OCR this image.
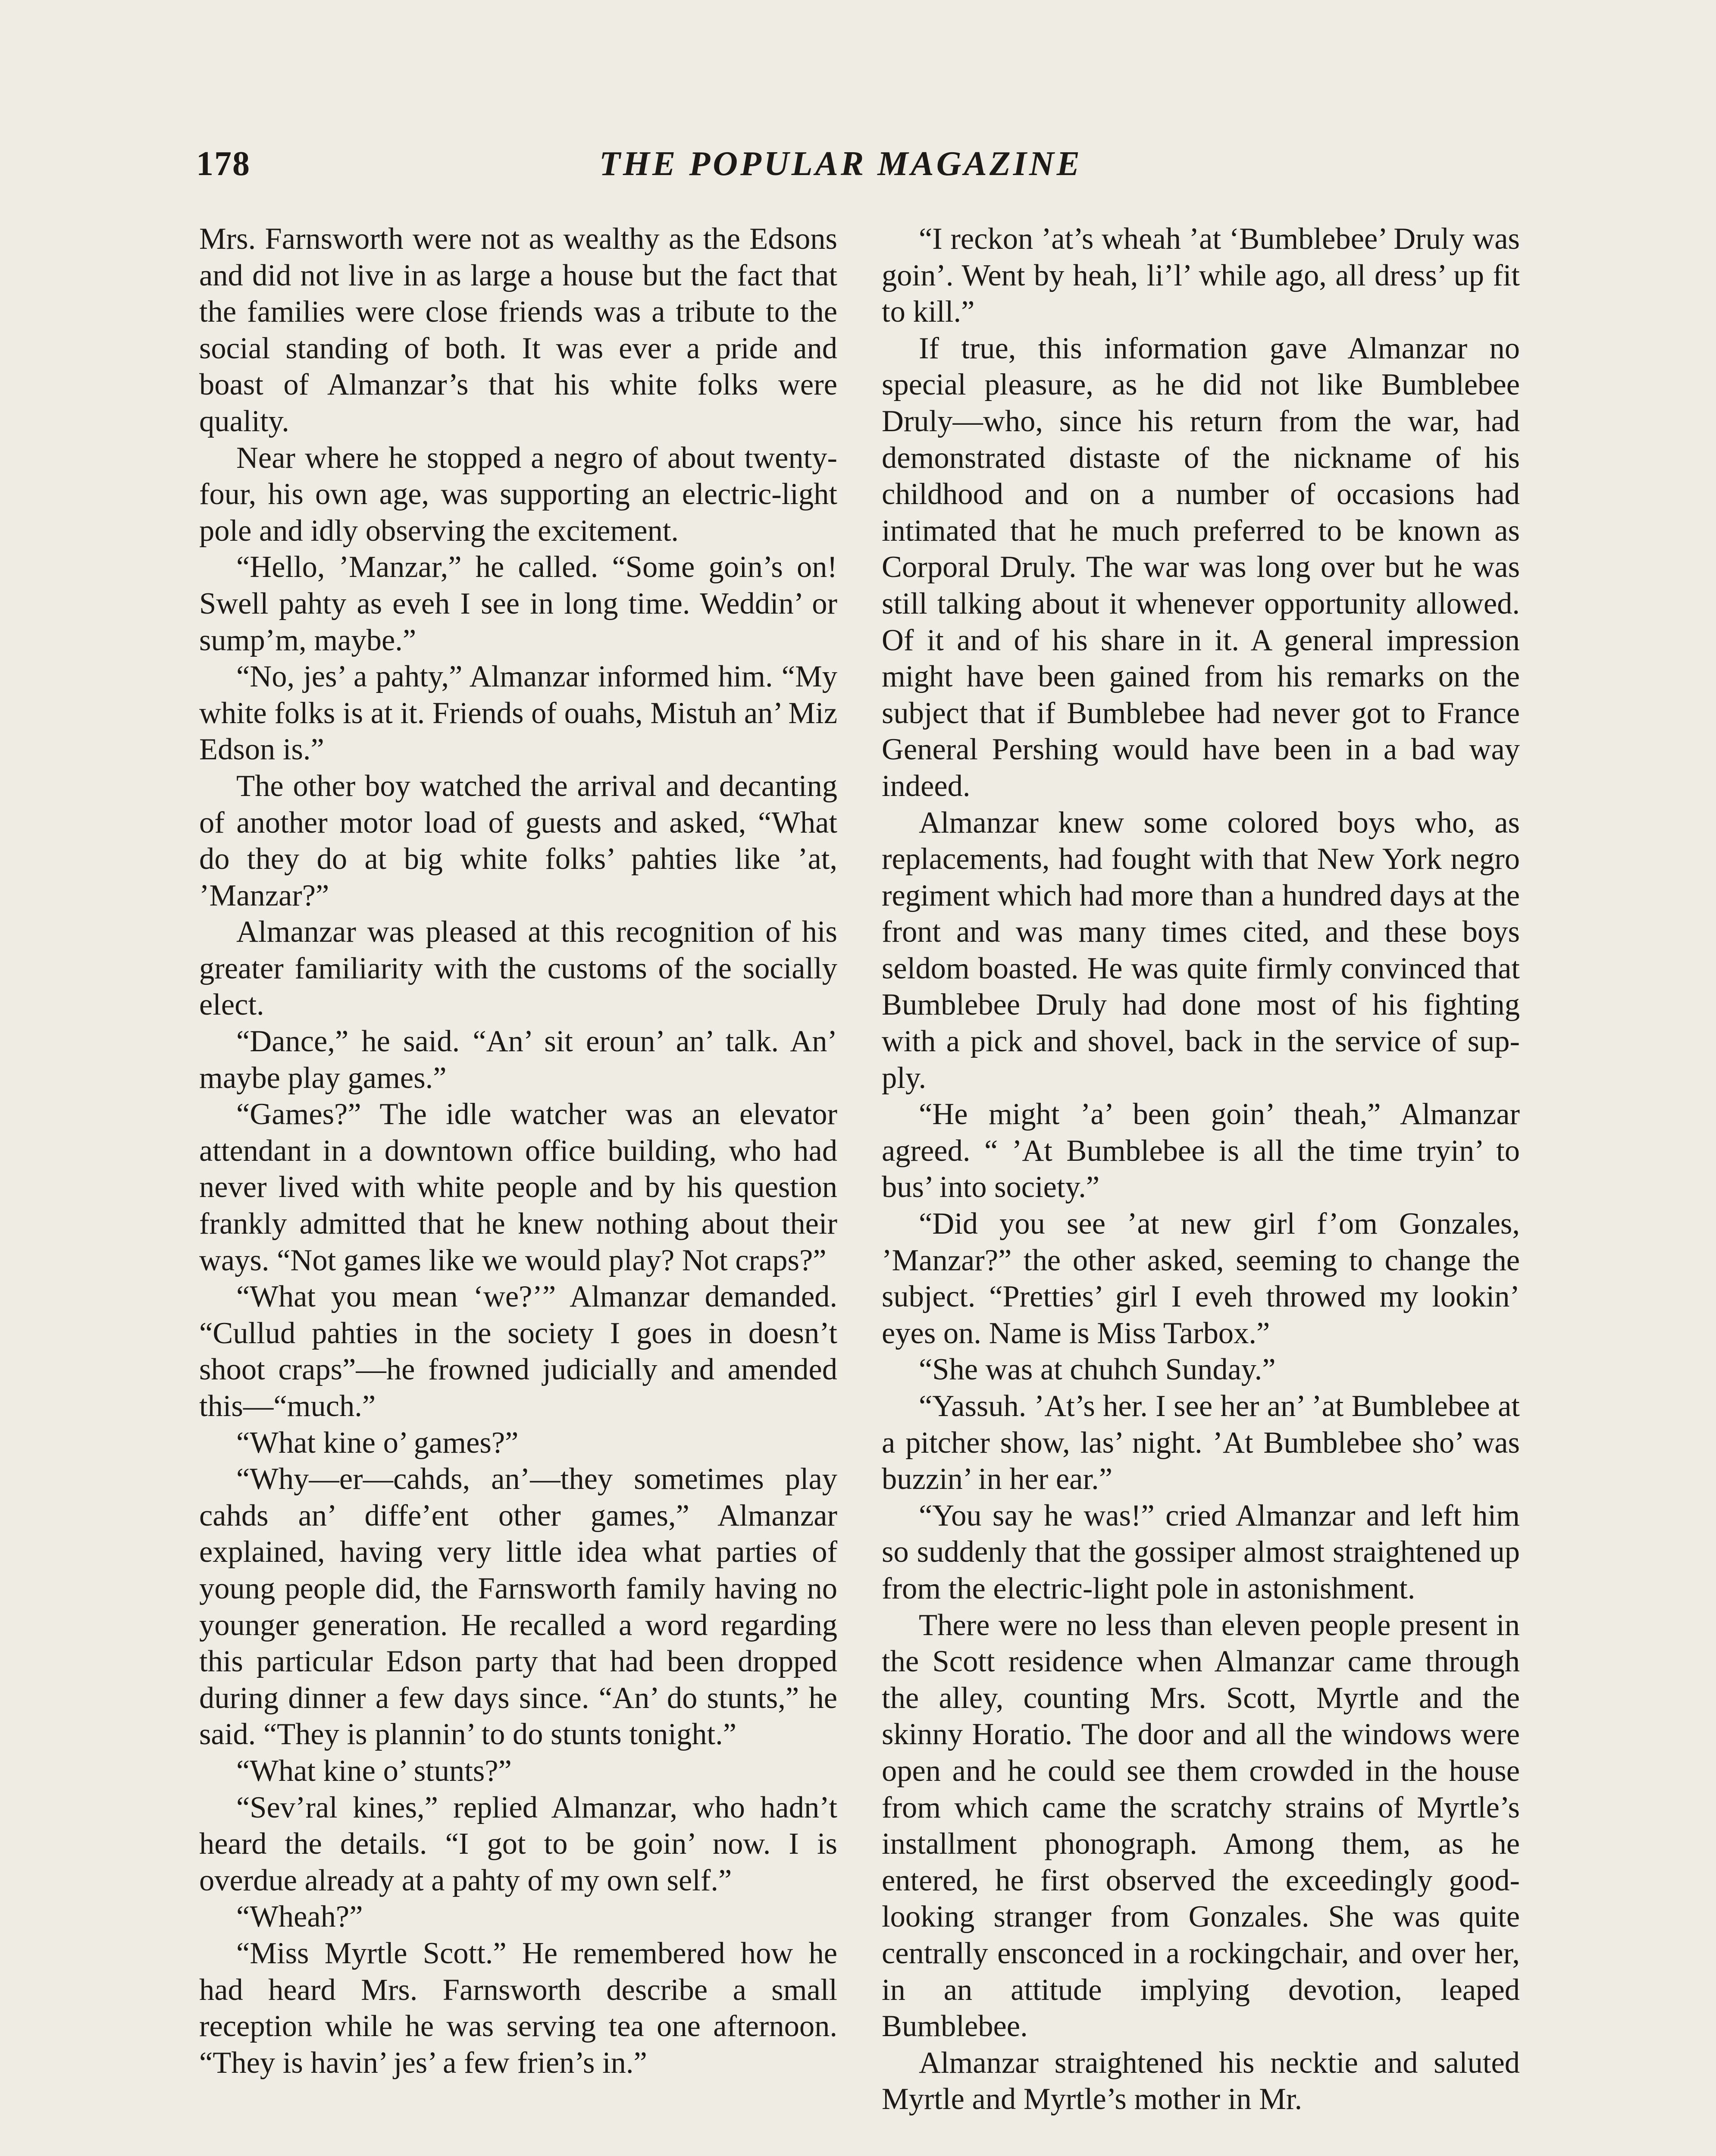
178	THE POPULAR MAGAZINE

Mrs. Farnsworth were not as wealthy as the Edsons and did not live in as large a house but the fact that the families were close friends was a tribute to the social standing of both. It was ever a pride and boast of Almanzar’s that his white folks were quality.

Near where he stopped a negro of about twenty-four, his own age, was supporting an electric-light pole and idly observing the excitement.

“Hello, ’Manzar,” he called. “Some goin’s on! Swell pahty as eveh I see in long time. Weddin’ or sump’m, maybe.”

“No, jes’ a pahty,” Almanzar informed him. “My white folks is at it. Friends of ouahs, Mistuh an’ Miz Edson is.”

The other boy watched the arrival and decanting of another motor load of guests and asked, “What do they do at big white folks’ pahties like ’at, ’Manzar?”

Almanzar was pleased at this recognition of his greater familiarity with the customs of the socially elect.

“Dance,” he said. “An’ sit eroun’ an’ talk. An’ maybe play games.”

“Games?” The idle watcher was an elevator attendant in a downtown office building, who had never lived with white people and by his question frankly admitted that he knew nothing about their ways. “Not games like we would play? Not craps?”

“What you mean ‘we?’” Almanzar demanded. “Cullud pahties in the society I goes in doesn’t shoot craps”—he frowned judicially and amended this—“much.”

“What kine o’ games?”

“Why—er—cahds, an’—they sometimes play cahds an’ diffe’ent other games,” Almanzar explained, having very little idea what parties of young people did, the Farnsworth family having no younger generation. He recalled a word regarding this particular Edson party that had been dropped during dinner a few days since. “An’ do stunts,” he said. “They is plannin’ to do stunts tonight.”

“What kine o’ stunts?”

“Sev’ral kines,” replied Almanzar, who hadn’t heard the details. “I got to be goin’ now. I is overdue already at a pahty of my own self.”

“Wheah?”

“Miss Myrtle Scott.” He remembered how he had heard Mrs. Farnsworth describe a small reception while he was serving tea one afternoon. “They is havin’ jes’ a few frien’s in.”

“I reckon ’at’s wheah ’at ‘Bumblebee’ Druly was goin’. Went by heah, li’l’ while ago, all dress’ up fit to kill.”

If true, this information gave Almanzar no special pleasure, as he did not like Bumblebee Druly—who, since his return from the war, had demonstrated distaste of the nickname of his childhood and on a number of occasions had intimated that he much preferred to be known as Corporal Druly. The war was long over but he was still talking about it whenever opportunity allowed. Of it and of his share in it. A general impression might have been gained from his remarks on the subject that if Bumblebee had never got to France General Pershing would have been in a bad way indeed.

Almanzar knew some colored boys who, as replacements, had fought with that New York negro regiment which had more than a hundred days at the front and was many times cited, and these boys seldom boasted. He was quite firmly convinced that Bumblebee Druly had done most of his fighting with a pick and shovel, back in the service of supply.

“He might ’a’ been goin’ theah,” Almanzar agreed. “ ’At Bumblebee is all the time tryin’ to bus’ into society.”

“Did you see ’at new girl f’om Gonzales, ’Manzar?” the other asked, seeming to change the subject. “Pretties’ girl I eveh throwed my lookin’ eyes on. Name is Miss Tarbox.”

“She was at chuhch Sunday.”

“Yassuh. ’At’s her. I see her an’ ’at Bumblebee at a pitcher show, las’ night. ’At Bumblebee sho’ was buzzin’ in her ear.”

“You say he was!” cried Almanzar and left him so suddenly that the gossiper almost straightened up from the electric-light pole in astonishment.

There were no less than eleven people present in the Scott residence when Almanzar came through the alley, counting Mrs. Scott, Myrtle and the skinny Horatio. The door and all the windows were open and he could see them crowded in the house from which came the scratchy strains of Myrtle’s installment phonograph. Among them, as he entered, he first observed the exceedingly good-looking stranger from Gonzales. She was quite centrally ensconced in a rockingchair, and over her, in an attitude implying devotion, leaped Bumblebee.

Almanzar straightened his necktie and saluted Myrtle and Myrtle’s mother in Mr.
